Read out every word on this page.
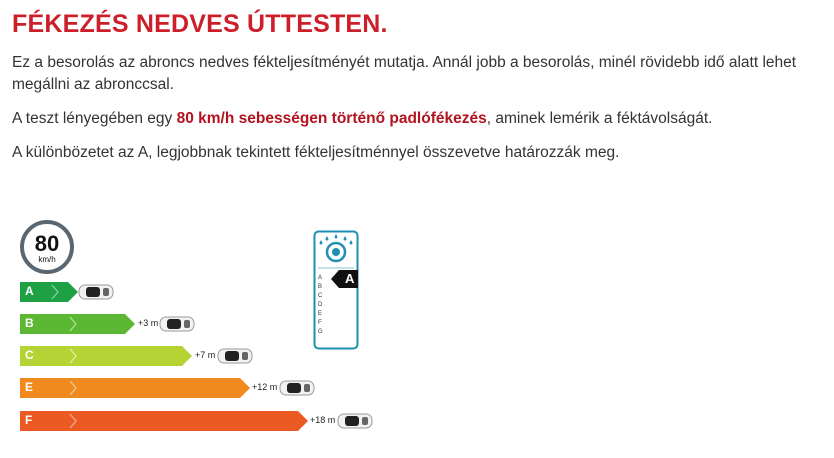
FÉKEZÉS NEDVES ÚTTESTEN.

Ez a besorolás az abroncs nedves fékteljesítményét mutatja. Annál jobb a besorolás, minél rövidebb idő alatt lehet megállni az abronccsal.

A teszt lényegében egy 80 km/h sebességen történő padlófékezés, aminek lemérik a féktávolságát.

A különbözetet az A, legjobbnak tekintett fékteljesítménnyel összevetve határozzák meg.

80
km/h
A
B	+3 m
C	+7 m
E	+12 m
F	+18 m
A
B
C
D
E
F
G
A
